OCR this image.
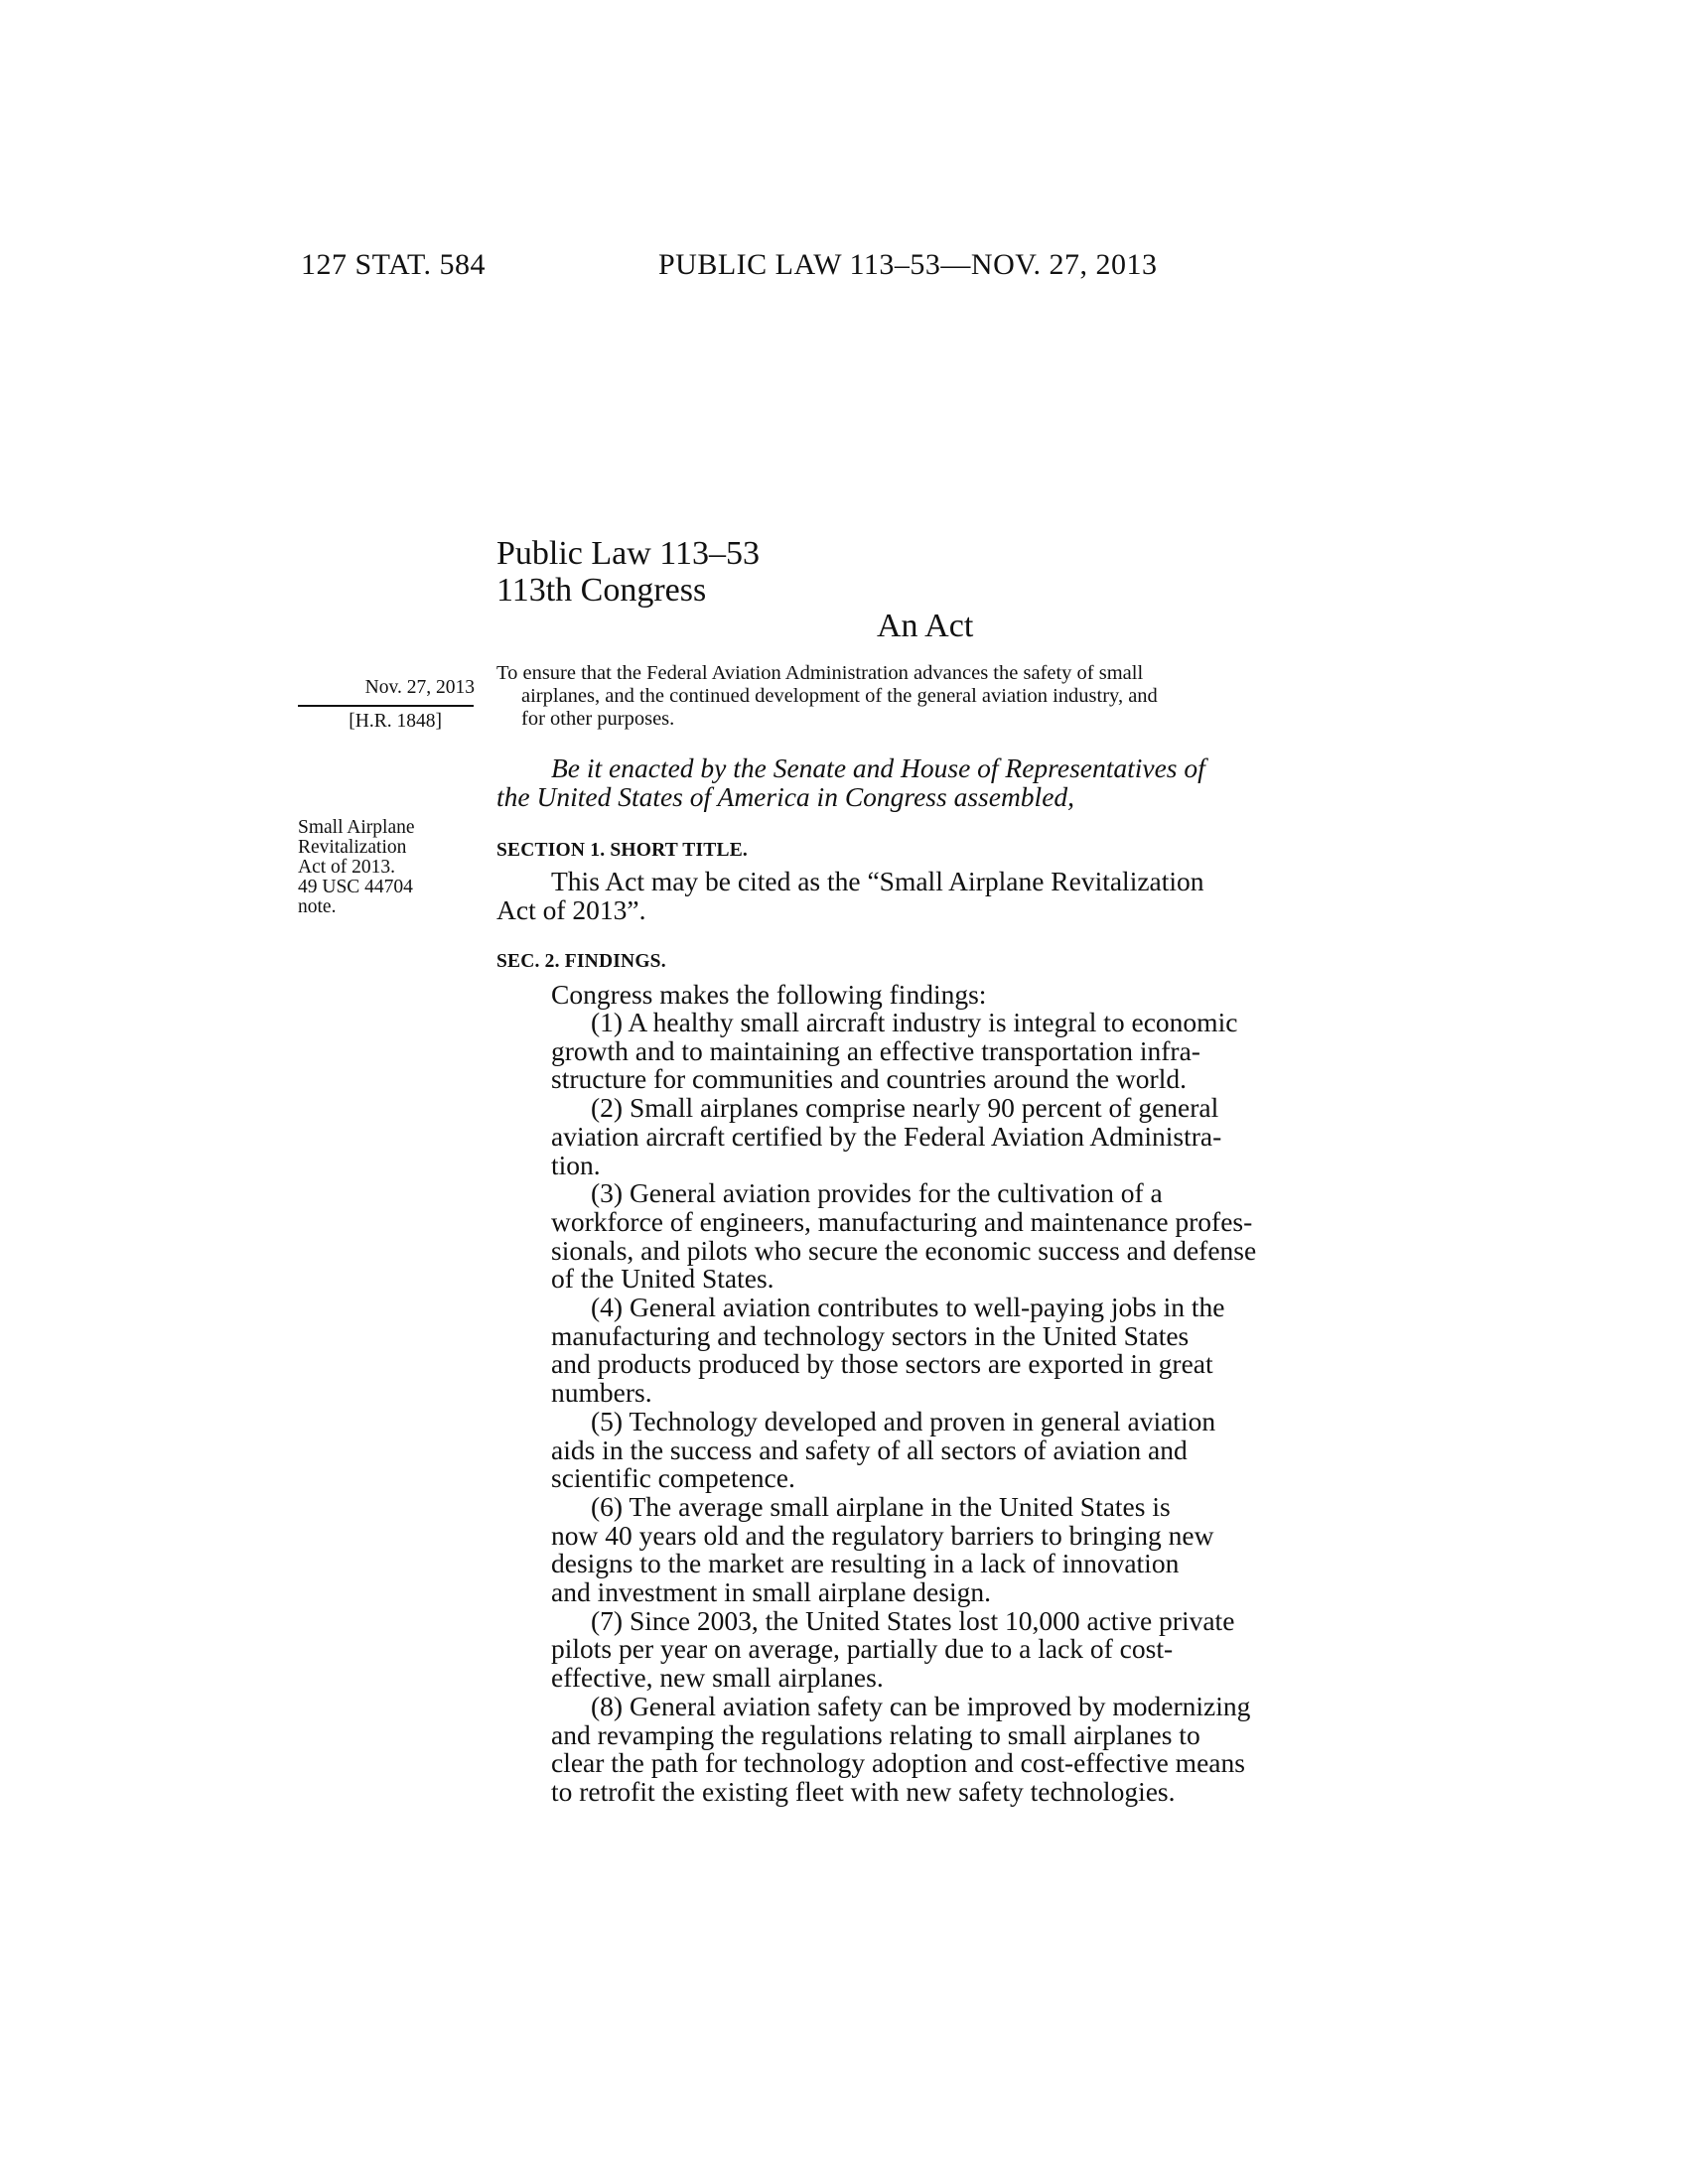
127 STAT. 584	PUBLIC LAW 113–53—NOV. 27, 2013
Public Law 113–53
113th Congress
An Act
Nov. 27, 2013
[H.R. 1848]
Small Airplane
Revitalization
Act of 2013.
49 USC 44704
note.
To ensure that the Federal Aviation Administration advances the safety of small
airplanes, and the continued development of the general aviation industry, and
for other purposes.
Be it enacted by the Senate and House of Representatives of
the United States of America in Congress assembled,
SECTION 1. SHORT TITLE.
This Act may be cited as the “Small Airplane Revitalization
Act of 2013”.
SEC. 2. FINDINGS.
Congress makes the following findings:
(1) A healthy small aircraft industry is integral to economic
growth and to maintaining an effective transportation infra-
structure for communities and countries around the world.
(2) Small airplanes comprise nearly 90 percent of general
aviation aircraft certified by the Federal Aviation Administra-
tion.
(3) General aviation provides for the cultivation of a
workforce of engineers, manufacturing and maintenance profes-
sionals, and pilots who secure the economic success and defense
of the United States.
(4) General aviation contributes to well-paying jobs in the
manufacturing and technology sectors in the United States
and products produced by those sectors are exported in great
numbers.
(5) Technology developed and proven in general aviation
aids in the success and safety of all sectors of aviation and
scientific competence.
(6) The average small airplane in the United States is
now 40 years old and the regulatory barriers to bringing new
designs to the market are resulting in a lack of innovation
and investment in small airplane design.
(7) Since 2003, the United States lost 10,000 active private
pilots per year on average, partially due to a lack of cost-
effective, new small airplanes.
(8) General aviation safety can be improved by modernizing
and revamping the regulations relating to small airplanes to
clear the path for technology adoption and cost-effective means
to retrofit the existing fleet with new safety technologies.
